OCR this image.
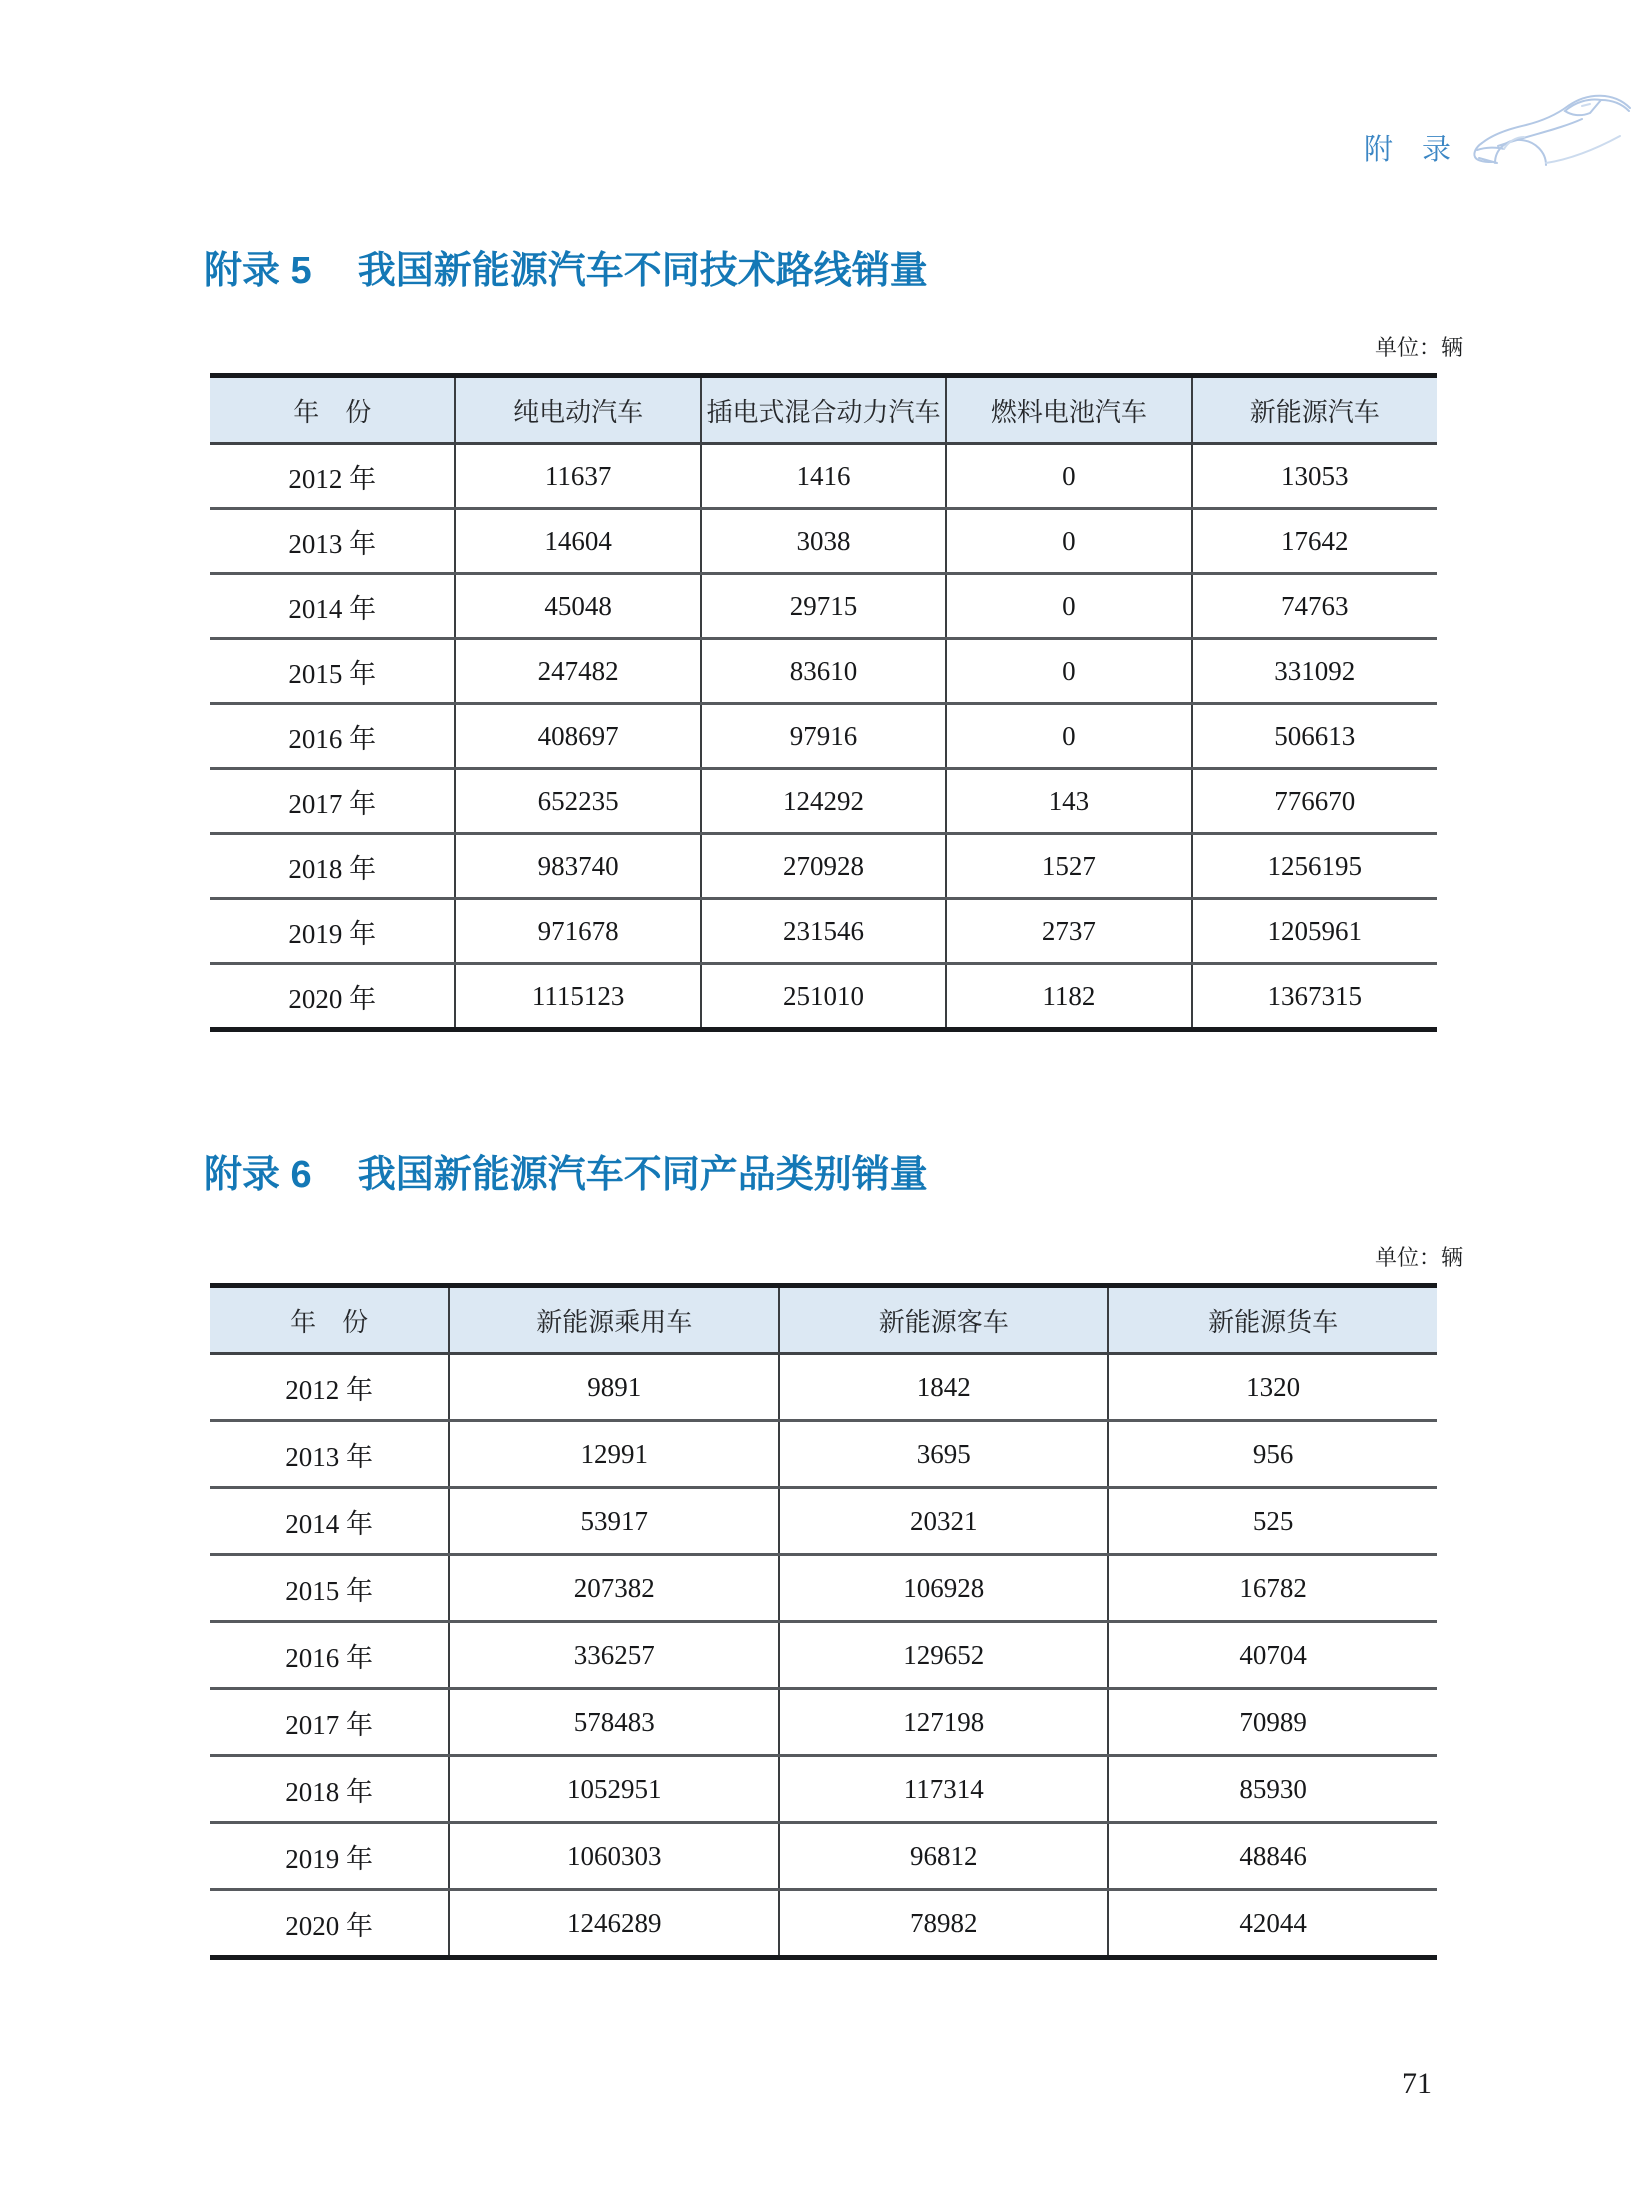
附　录
附录 5 我国新能源汽车不同技术路线销量
单位：辆
年　份	纯电动汽车	插电式混合动力汽车	燃料电池汽车	新能源汽车
2012 年	11637	1416	0	13053
2013 年	14604	3038	0	17642
2014 年	45048	29715	0	74763
2015 年	247482	83610	0	331092
2016 年	408697	97916	0	506613
2017 年	652235	124292	143	776670
2018 年	983740	270928	1527	1256195
2019 年	971678	231546	2737	1205961
2020 年	1115123	251010	1182	1367315
附录 6 我国新能源汽车不同产品类别销量
单位：辆
年　份	新能源乘用车	新能源客车	新能源货车
2012 年	9891	1842	1320
2013 年	12991	3695	956
2014 年	53917	20321	525
2015 年	207382	106928	16782
2016 年	336257	129652	40704
2017 年	578483	127198	70989
2018 年	1052951	117314	85930
2019 年	1060303	96812	48846
2020 年	1246289	78982	42044
71
